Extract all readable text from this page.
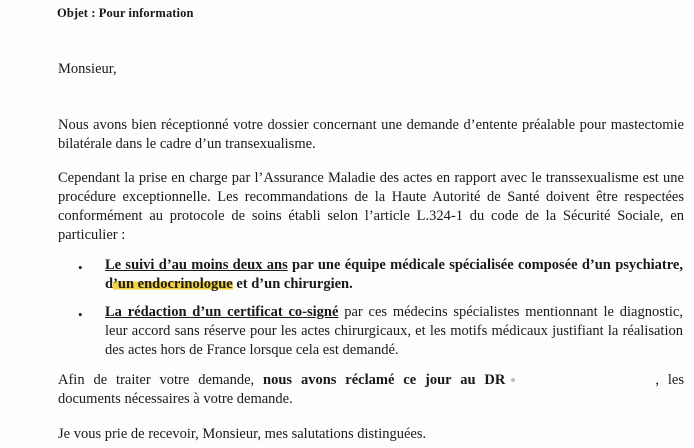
Objet : Pour information
Monsieur,
Nous avons bien réceptionné votre dossier concernant une demande d’entente préalable pour mastectomie bilatérale dans le cadre d’un transexualisme.
Cependant la prise en charge par l’Assurance Maladie des actes en rapport avec le transsexualisme est une procédure exceptionnelle. Les recommandations de la Haute Autorité de Santé doivent être respectées conformément au protocole de soins établi selon l’article L.324-1 du code de la Sécurité Sociale, en particulier :
• Le suivi d’au moins deux ans par une équipe médicale spécialisée composée d’un psychiatre, d’un endocrinologue et d’un chirurgien.
• La rédaction d’un certificat co-signé par ces médecins spécialistes mentionnant le diagnostic, leur accord sans réserve pour les actes chirurgicaux, et les motifs médicaux justifiant la réalisation des actes hors de France lorsque cela est demandé.
Afin de traiter votre demande, nous avons réclamé ce jour au DR	, les documents nécessaires à votre demande.
Je vous prie de recevoir, Monsieur, mes salutations distinguées.
